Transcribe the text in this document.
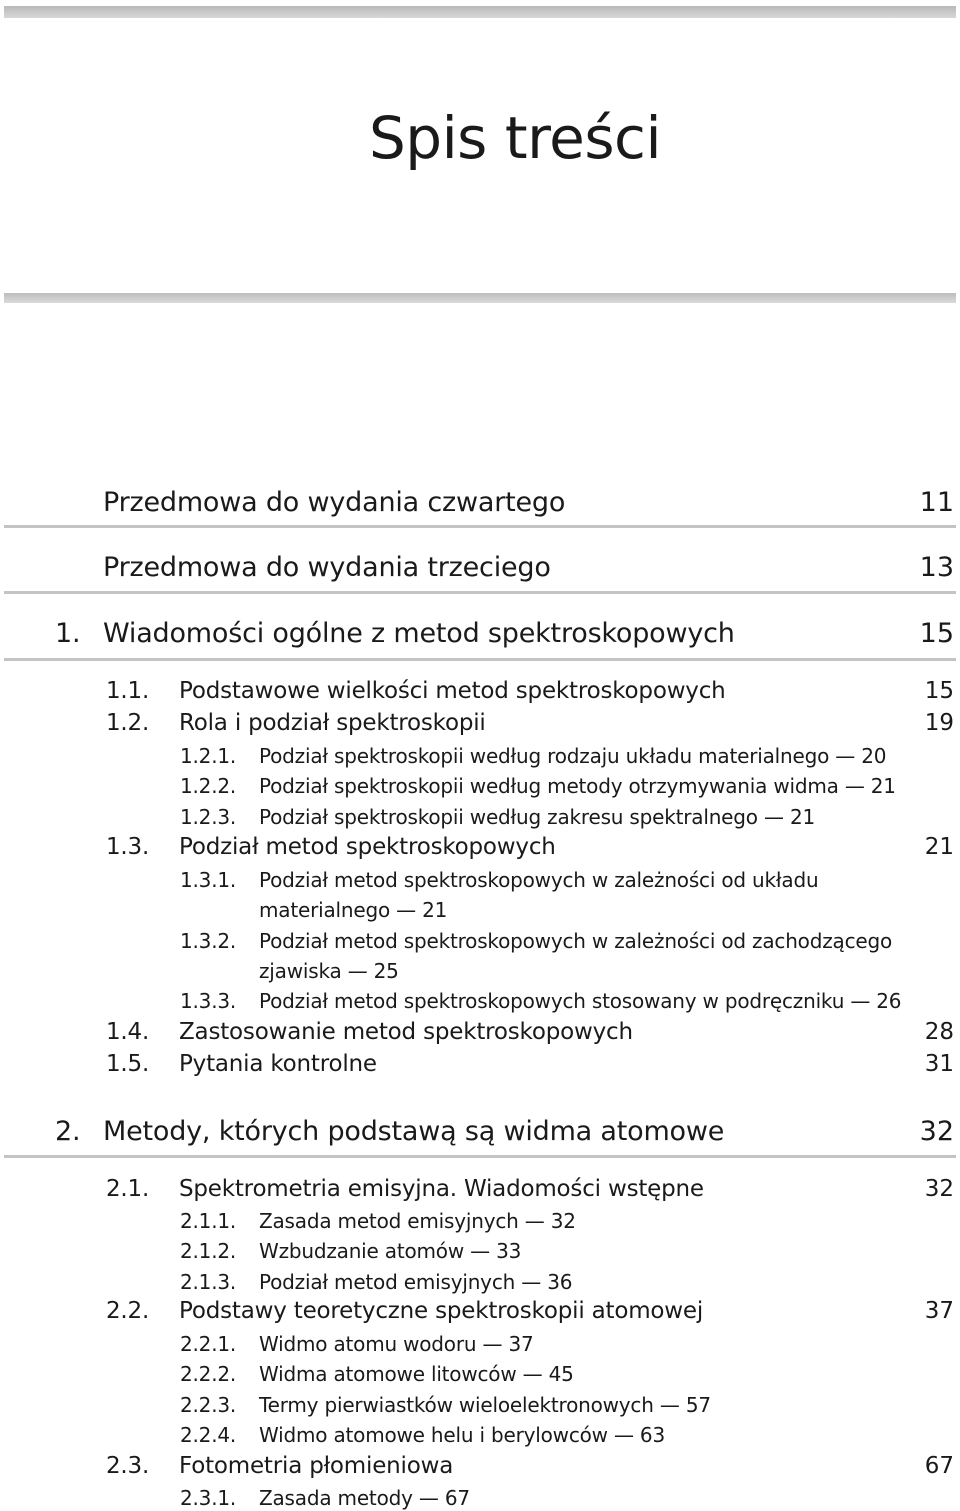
Spis treści
Przedmowa do wydania czwartego	11
Przedmowa do wydania trzeciego	13
1. Wiadomości ogólne z metod spektroskopowych	15
1.1. Podstawowe wielkości metod spektroskopowych	15
1.2. Rola i podział spektroskopii	19
1.2.1. Podział spektroskopii według rodzaju układu materialnego — 20
1.2.2. Podział spektroskopii według metody otrzymywania widma — 21
1.2.3. Podział spektroskopii według zakresu spektralnego — 21
1.3. Podział metod spektroskopowych	21
1.3.1. Podział metod spektroskopowych w zależności od układu
materialnego — 21
1.3.2. Podział metod spektroskopowych w zależności od zachodzącego
zjawiska — 25
1.3.3. Podział metod spektroskopowych stosowany w podręczniku — 26
1.4. Zastosowanie metod spektroskopowych	28
1.5. Pytania kontrolne	31
2. Metody, których podstawą są widma atomowe	32
2.1. Spektrometria emisyjna. Wiadomości wstępne	32
2.1.1. Zasada metod emisyjnych — 32
2.1.2. Wzbudzanie atomów — 33
2.1.3. Podział metod emisyjnych — 36
2.2. Podstawy teoretyczne spektroskopii atomowej	37
2.2.1. Widmo atomu wodoru — 37
2.2.2. Widma atomowe litowców — 45
2.2.3. Termy pierwiastków wieloelektronowych — 57
2.2.4. Widmo atomowe helu i berylowców — 63
2.3. Fotometria płomieniowa	67
2.3.1. Zasada metody — 67
